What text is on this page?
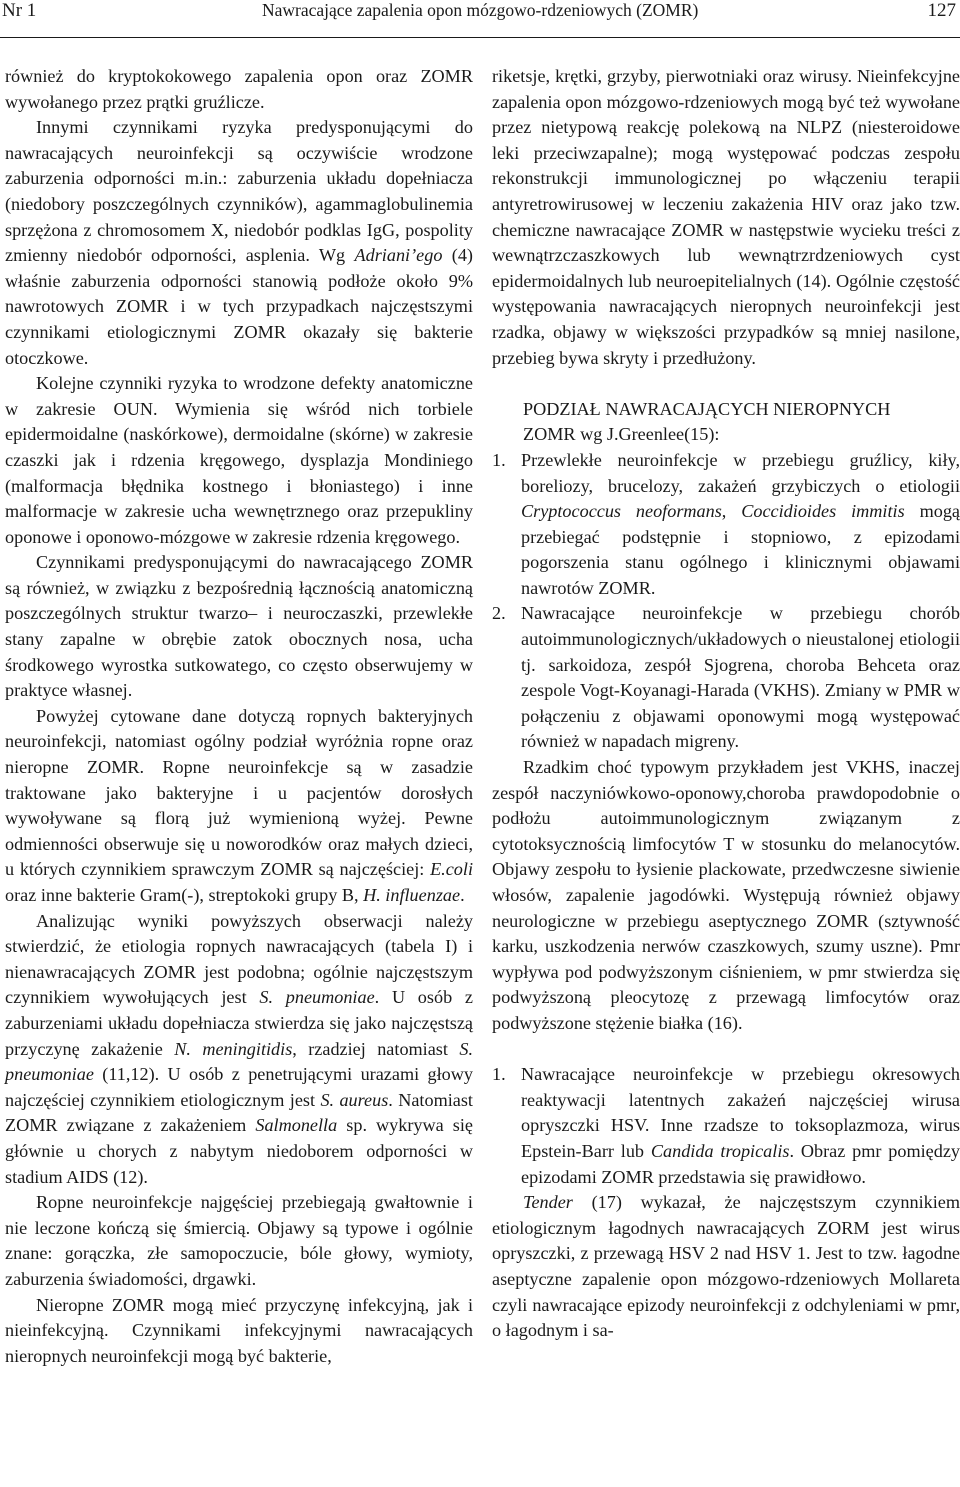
Nr 1	Nawracające zapalenia opon mózgowo-rdzeniowych (ZOMR)	127

również do kryptokokowego zapalenia opon oraz ZOMR wywołanego przez prątki gruźlicze.

Innymi czynnikami ryzyka predysponującymi do nawracających neuroinfekcji są oczywiście wrodzone zaburzenia odporności m.in.: zaburzenia układu dopełniacza (niedobory poszczególnych czynników), agammaglobulinemia sprzężona z chromosomem X, niedobór podklas IgG, pospolity zmienny niedobór odporności, asplenia. Wg Adriani’ego (4) właśnie zaburzenia odporności stanowią podłoże około 9% nawrotowych ZOMR i w tych przypadkach najczęstszymi czynnikami etiologicznymi ZOMR okazały się bakterie otoczkowe.

Kolejne czynniki ryzyka to wrodzone defekty anatomiczne w zakresie OUN. Wymienia się wśród nich torbiele epidermoidalne (naskórkowe), dermoidalne (skórne) w zakresie czaszki jak i rdzenia kręgowego, dysplazja Mondiniego (malformacja błędnika kostnego i błoniastego) i inne malformacje w zakresie ucha wewnętrznego oraz przepukliny oponowe i oponowo-mózgowe w zakresie rdzenia kręgowego.

Czynnikami predysponującymi do nawracającego ZOMR są również, w związku z bezpośrednią łącznością anatomiczną poszczególnych struktur twarzo– i neuroczaszki, przewlekłe stany zapalne w obrębie zatok obocznych nosa, ucha środkowego wyrostka sutkowatego, co często obserwujemy w praktyce własnej.

Powyżej cytowane dane dotyczą ropnych bakteryjnych neuroinfekcji, natomiast ogólny podział wyróżnia ropne oraz nieropne ZOMR. Ropne neuroinfekcje są w zasadzie traktowane jako bakteryjne i u pacjentów dorosłych wywoływane są florą już wymienioną wyżej. Pewne odmienności obserwuje się u noworodków oraz małych dzieci, u których czynnikiem sprawczym ZOMR są najczęściej: E.coli oraz inne bakterie Gram(-), streptokoki grupy B, H. influenzae.

Analizując wyniki powyższych obserwacji należy stwierdzić, że etiologia ropnych nawracających (tabela I) i nienawracających ZOMR jest podobna; ogólnie najczęstszym czynnikiem wywołujących jest S. pneumoniae. U osób z zaburzeniami układu dopełniacza stwierdza się jako najczęstszą przyczynę zakażenie N. meningitidis, rzadziej natomiast S. pneumoniae (11,12). U osób z penetrującymi urazami głowy najczęściej czynnikiem etiologicznym jest S. aureus. Natomiast ZOMR związane z zakażeniem Salmonella sp. wykrywa się głównie u chorych z nabytym niedoborem odporności w stadium AIDS (12).

Ropne neuroinfekcje najgęściej przebiegają gwałtownie i nie leczone kończą się śmiercią. Objawy są typowe i ogólnie znane: gorączka, złe samopoczucie, bóle głowy, wymioty, zaburzenia świadomości, drgawki.

Nieropne ZOMR mogą mieć przyczynę infekcyjną, jak i nieinfekcyjną. Czynnikami infekcyjnymi nawracających nieropnych neuroinfekcji mogą być bakterie,

riketsje, krętki, grzyby, pierwotniaki oraz wirusy. Nieinfekcyjne zapalenia opon mózgowo-rdzeniowych mogą być też wywołane przez nietypową reakcję polekową na NLPZ (niesteroidowe leki przeciwzapalne); mogą występować podczas zespołu rekonstrukcji immunologicznej po włączeniu terapii antyretrowirusowej w leczeniu zakażenia HIV oraz jako tzw. chemiczne nawracające ZOMR w następstwie wycieku treści z wewnątrzczaszkowych lub wewnątrzrdzeniowych cyst epidermoidalnych lub neuroepitelialnych (14). Ogólnie częstość występowania nawracających nieropnych neuroinfekcji jest rzadka, objawy w większości przypadków są mniej nasilone, przebieg bywa skryty i przedłużony.

PODZIAŁ NAWRACAJĄCYCH NIEROPNYCH

ZOMR wg J.Greenlee(15):

1. Przewlekłe neuroinfekcje w przebiegu gruźlicy, kiły, boreliozy, brucelozy, zakażeń grzybiczych o etiologii Cryptococcus neoformans, Coccidioides immitis mogą przebiegać podstępnie i stopniowo, z epizodami pogorszenia stanu ogólnego i klinicznymi objawami nawrotów ZOMR.
2. Nawracające neuroinfekcje w przebiegu chorób autoimmunologicznych/układowych o nieustalonej etiologii tj. sarkoidoza, zespół Sjogrena, choroba Behceta oraz zespole Vogt-Koyanagi-Harada (VKHS). Zmiany w PMR w połączeniu z objawami oponowymi mogą występować również w napadach migreny.

Rzadkim choć typowym przykładem jest VKHS, inaczej zespół naczyniówkowo-oponowy,choroba prawdopodobnie o podłożu autoimmunologicznym związanym z cytotoksycznością limfocytów T w stosunku do melanocytów. Objawy zespołu to łysienie plackowate, przedwczesne siwienie włosów, zapalenie jagodówki. Występują również objawy neurologiczne w przebiegu aseptycznego ZOMR (sztywność karku, uszkodzenia nerwów czaszkowych, szumy uszne). Pmr wypływa pod podwyższonym ciśnieniem, w pmr stwierdza się podwyższoną pleocytozę z przewagą limfocytów oraz podwyższone stężenie białka (16).

1. Nawracające neuroinfekcje w przebiegu okresowych reaktywacji latentnych zakażeń najczęściej wirusa opryszczki HSV. Inne rzadsze to toksoplazmoza, wirus Epstein-Barr lub Candida tropicalis. Obraz pmr pomiędzy epizodami ZOMR przedstawia się prawidłowo.

Tender (17) wykazał, że najczęstszym czynnikiem etiologicznym łagodnych nawracających ZORM jest wirus opryszczki, z przewagą HSV 2 nad HSV 1. Jest to tzw. łagodne aseptyczne zapalenie opon mózgowo-rdzeniowych Mollareta czyli nawracające epizody neuroinfekcji z odchyleniami w pmr, o łagodnym i sa-
